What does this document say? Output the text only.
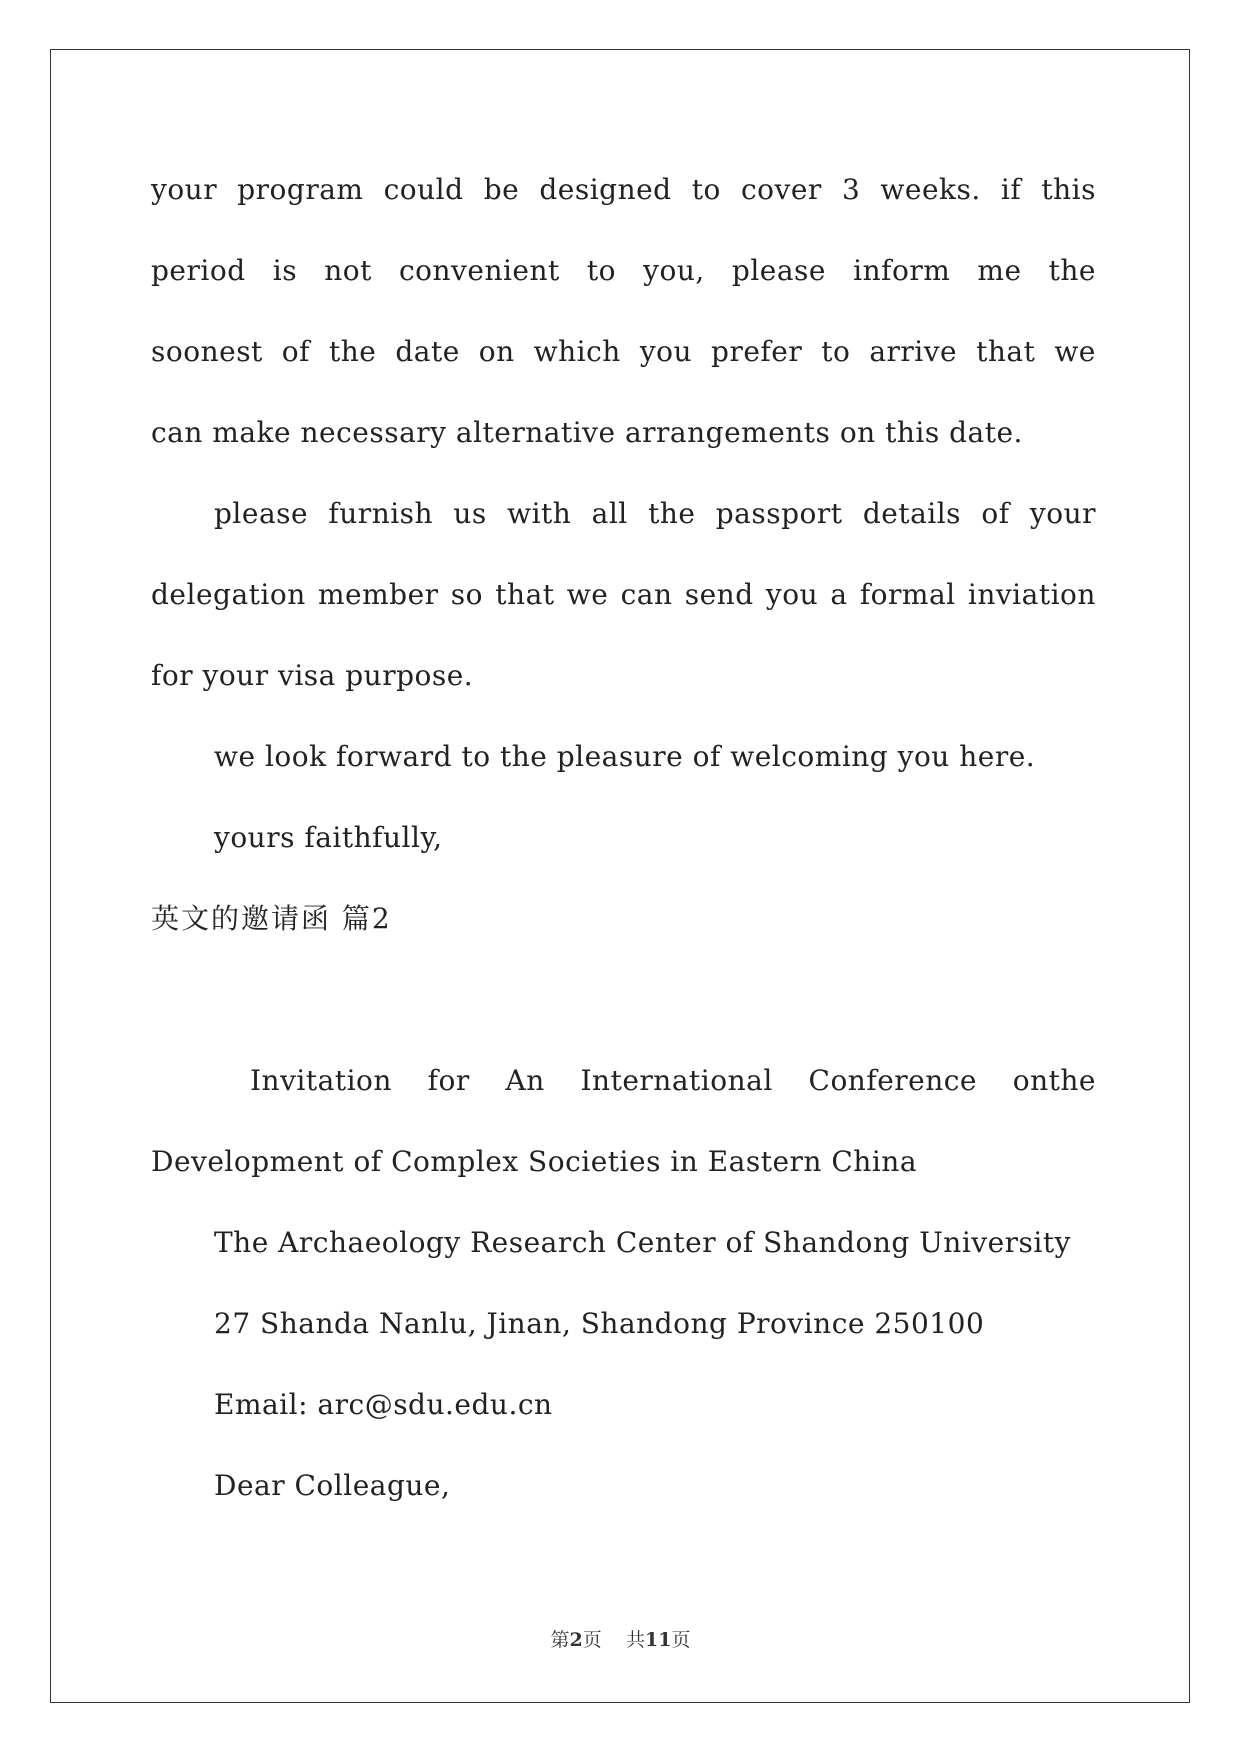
your program could be designed to cover 3 weeks. if this
period is not convenient to you, please inform me the
soonest of the date on which you prefer to arrive that we
can make necessary alternative arrangements on this date.
please furnish us with all the passport details of your
delegation member so that we can send you a formal inviation
for your visa purpose.
we look forward to the pleasure of welcoming you here.
yours faithfully,
英文的邀请函 篇2
Invitation for An International Conference onthe
Development of Complex Societies in Eastern China
The Archaeology Research Center of Shandong University
27 Shanda Nanlu, Jinan, Shandong Province 250100
Email: arc@sdu.edu.cn
Dear Colleague,
第2页 共11页
